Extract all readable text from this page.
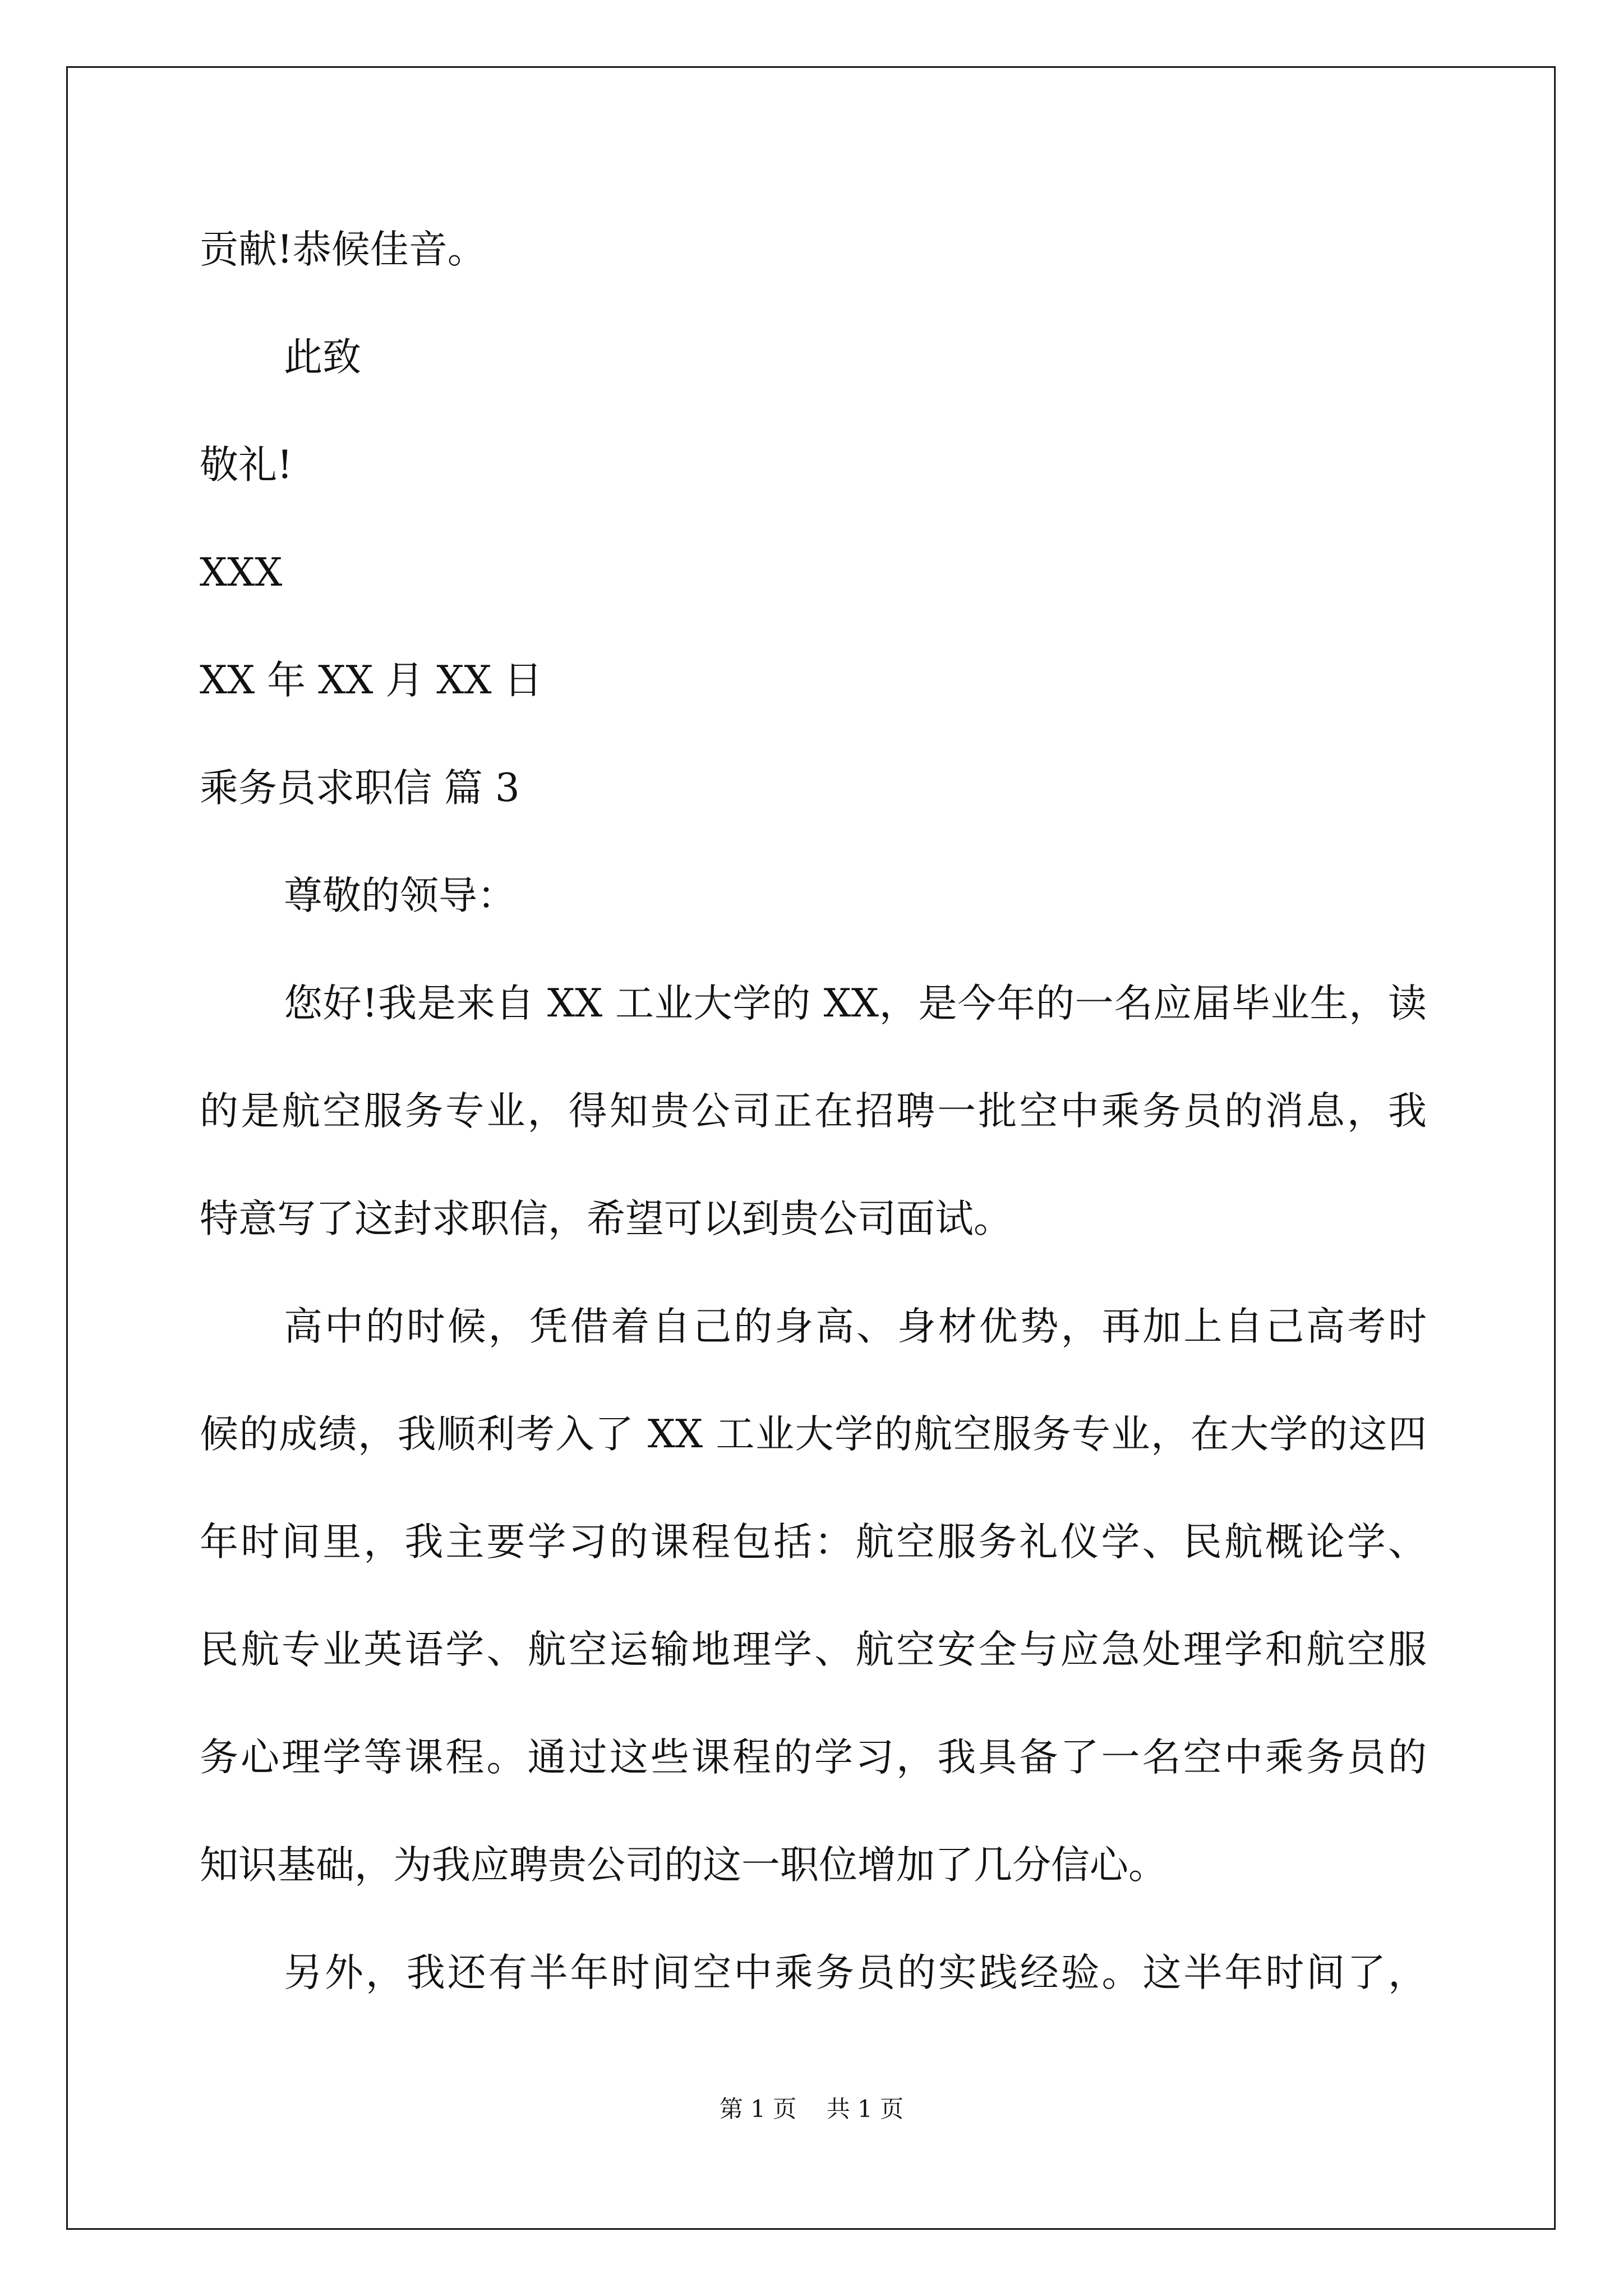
贡献!恭候佳音。

此致

敬礼!

XXX

XX 年 XX 月 XX 日

乘务员求职信 篇 3

尊敬的领导：

您好!我是来自 XX 工业大学的 XX，是今年的一名应届毕业生，读

的是航空服务专业，得知贵公司正在招聘一批空中乘务员的消息，我

特意写了这封求职信，希望可以到贵公司面试。

高中的时候，凭借着自己的身高、身材优势，再加上自己高考时

候的成绩，我顺利考入了 XX 工业大学的航空服务专业，在大学的这四

年时间里，我主要学习的课程包括：航空服务礼仪学、民航概论学、

民航专业英语学、航空运输地理学、航空安全与应急处理学和航空服

务心理学等课程。通过这些课程的学习，我具备了一名空中乘务员的

知识基础，为我应聘贵公司的这一职位增加了几分信心。

另外，我还有半年时间空中乘务员的实践经验。这半年时间了，

第 1 页    共 1 页
